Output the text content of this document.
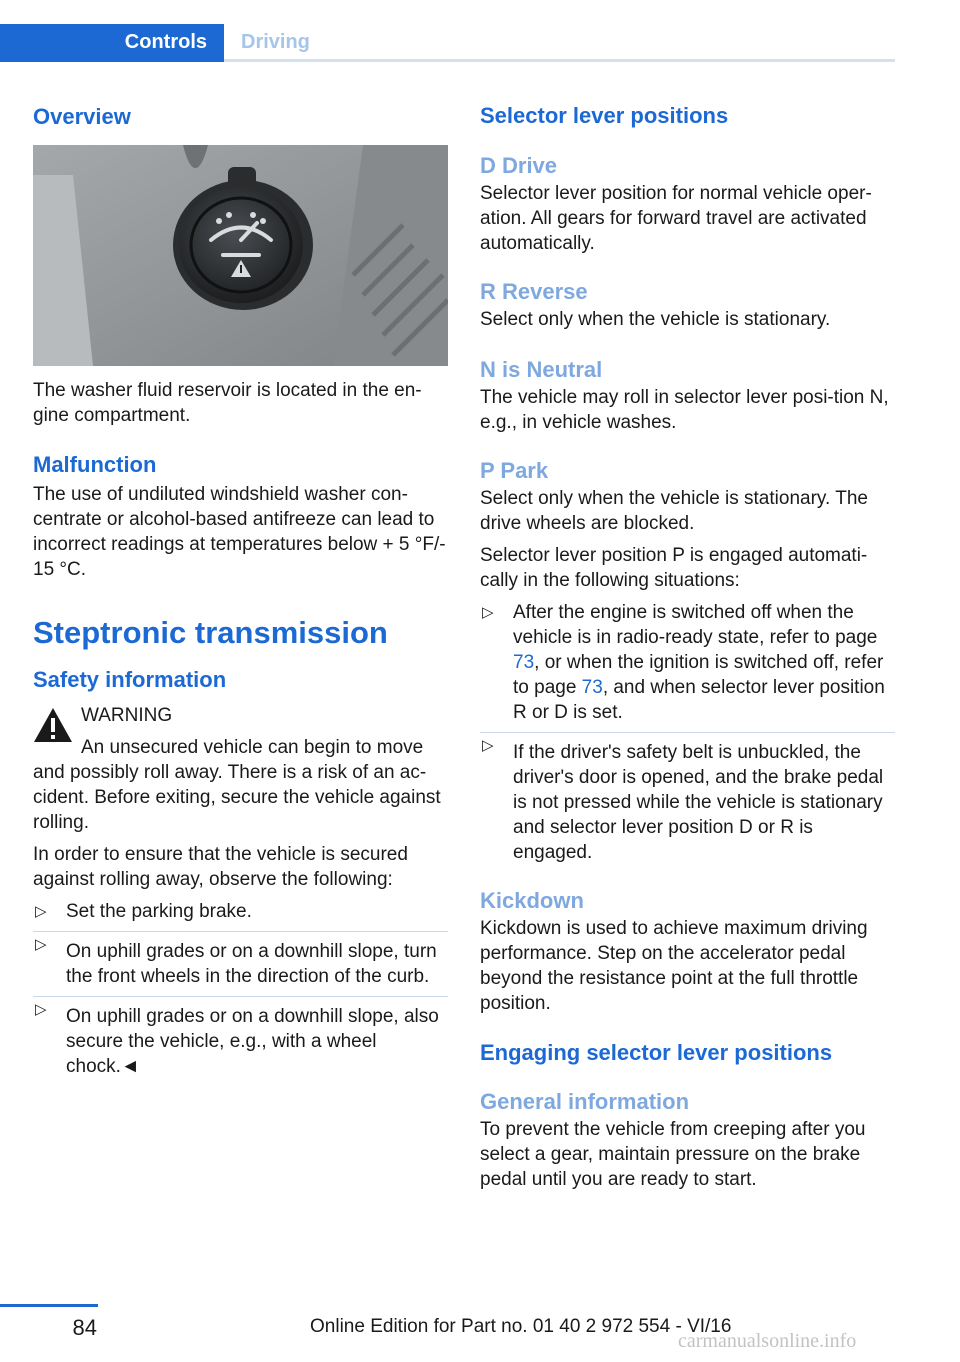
Controls	Driving
Overview

The washer fluid reservoir is located in the en-gine compartment.

Malfunction

The use of undiluted windshield washer con-centrate or alcohol-based antifreeze can lead to incorrect readings at temperatures below + 5 °F/- 15 °C.

Steptronic transmission
Safety information

WARNING

An unsecured vehicle can begin to move and possibly roll away. There is a risk of an ac-cident. Before exiting, secure the vehicle against rolling.

In order to ensure that the vehicle is secured against rolling away, observe the following:

▷ Set the parking brake.
▷ On uphill grades or on a downhill slope, turn the front wheels in the direction of the curb.
▷ On uphill grades or on a downhill slope, also secure the vehicle, e.g., with a wheel chock.◄
Selector lever positions
D Drive

Selector lever position for normal vehicle oper-ation. All gears for forward travel are activated automatically.

R Reverse

Select only when the vehicle is stationary.

N is Neutral

The vehicle may roll in selector lever posi-tion N, e.g., in vehicle washes.

P Park

Select only when the vehicle is stationary. The drive wheels are blocked.

Selector lever position P is engaged automati-cally in the following situations:

▷ After the engine is switched off when the vehicle is in radio-ready state, refer to page 73, or when the ignition is switched off, refer to page 73, and when selector lever position R or D is set.
▷ If the driver's safety belt is unbuckled, the driver's door is opened, and the brake pedal is not pressed while the vehicle is stationary and selector lever position D or R is engaged.
Kickdown

Kickdown is used to achieve maximum driving performance. Step on the accelerator pedal beyond the resistance point at the full throttle position.

Engaging selector lever positions
General information

To prevent the vehicle from creeping after you select a gear, maintain pressure on the brake pedal until you are ready to start.

84	Online Edition for Part no. 01 40 2 972 554 - VI/16
carmanualsonline.info
